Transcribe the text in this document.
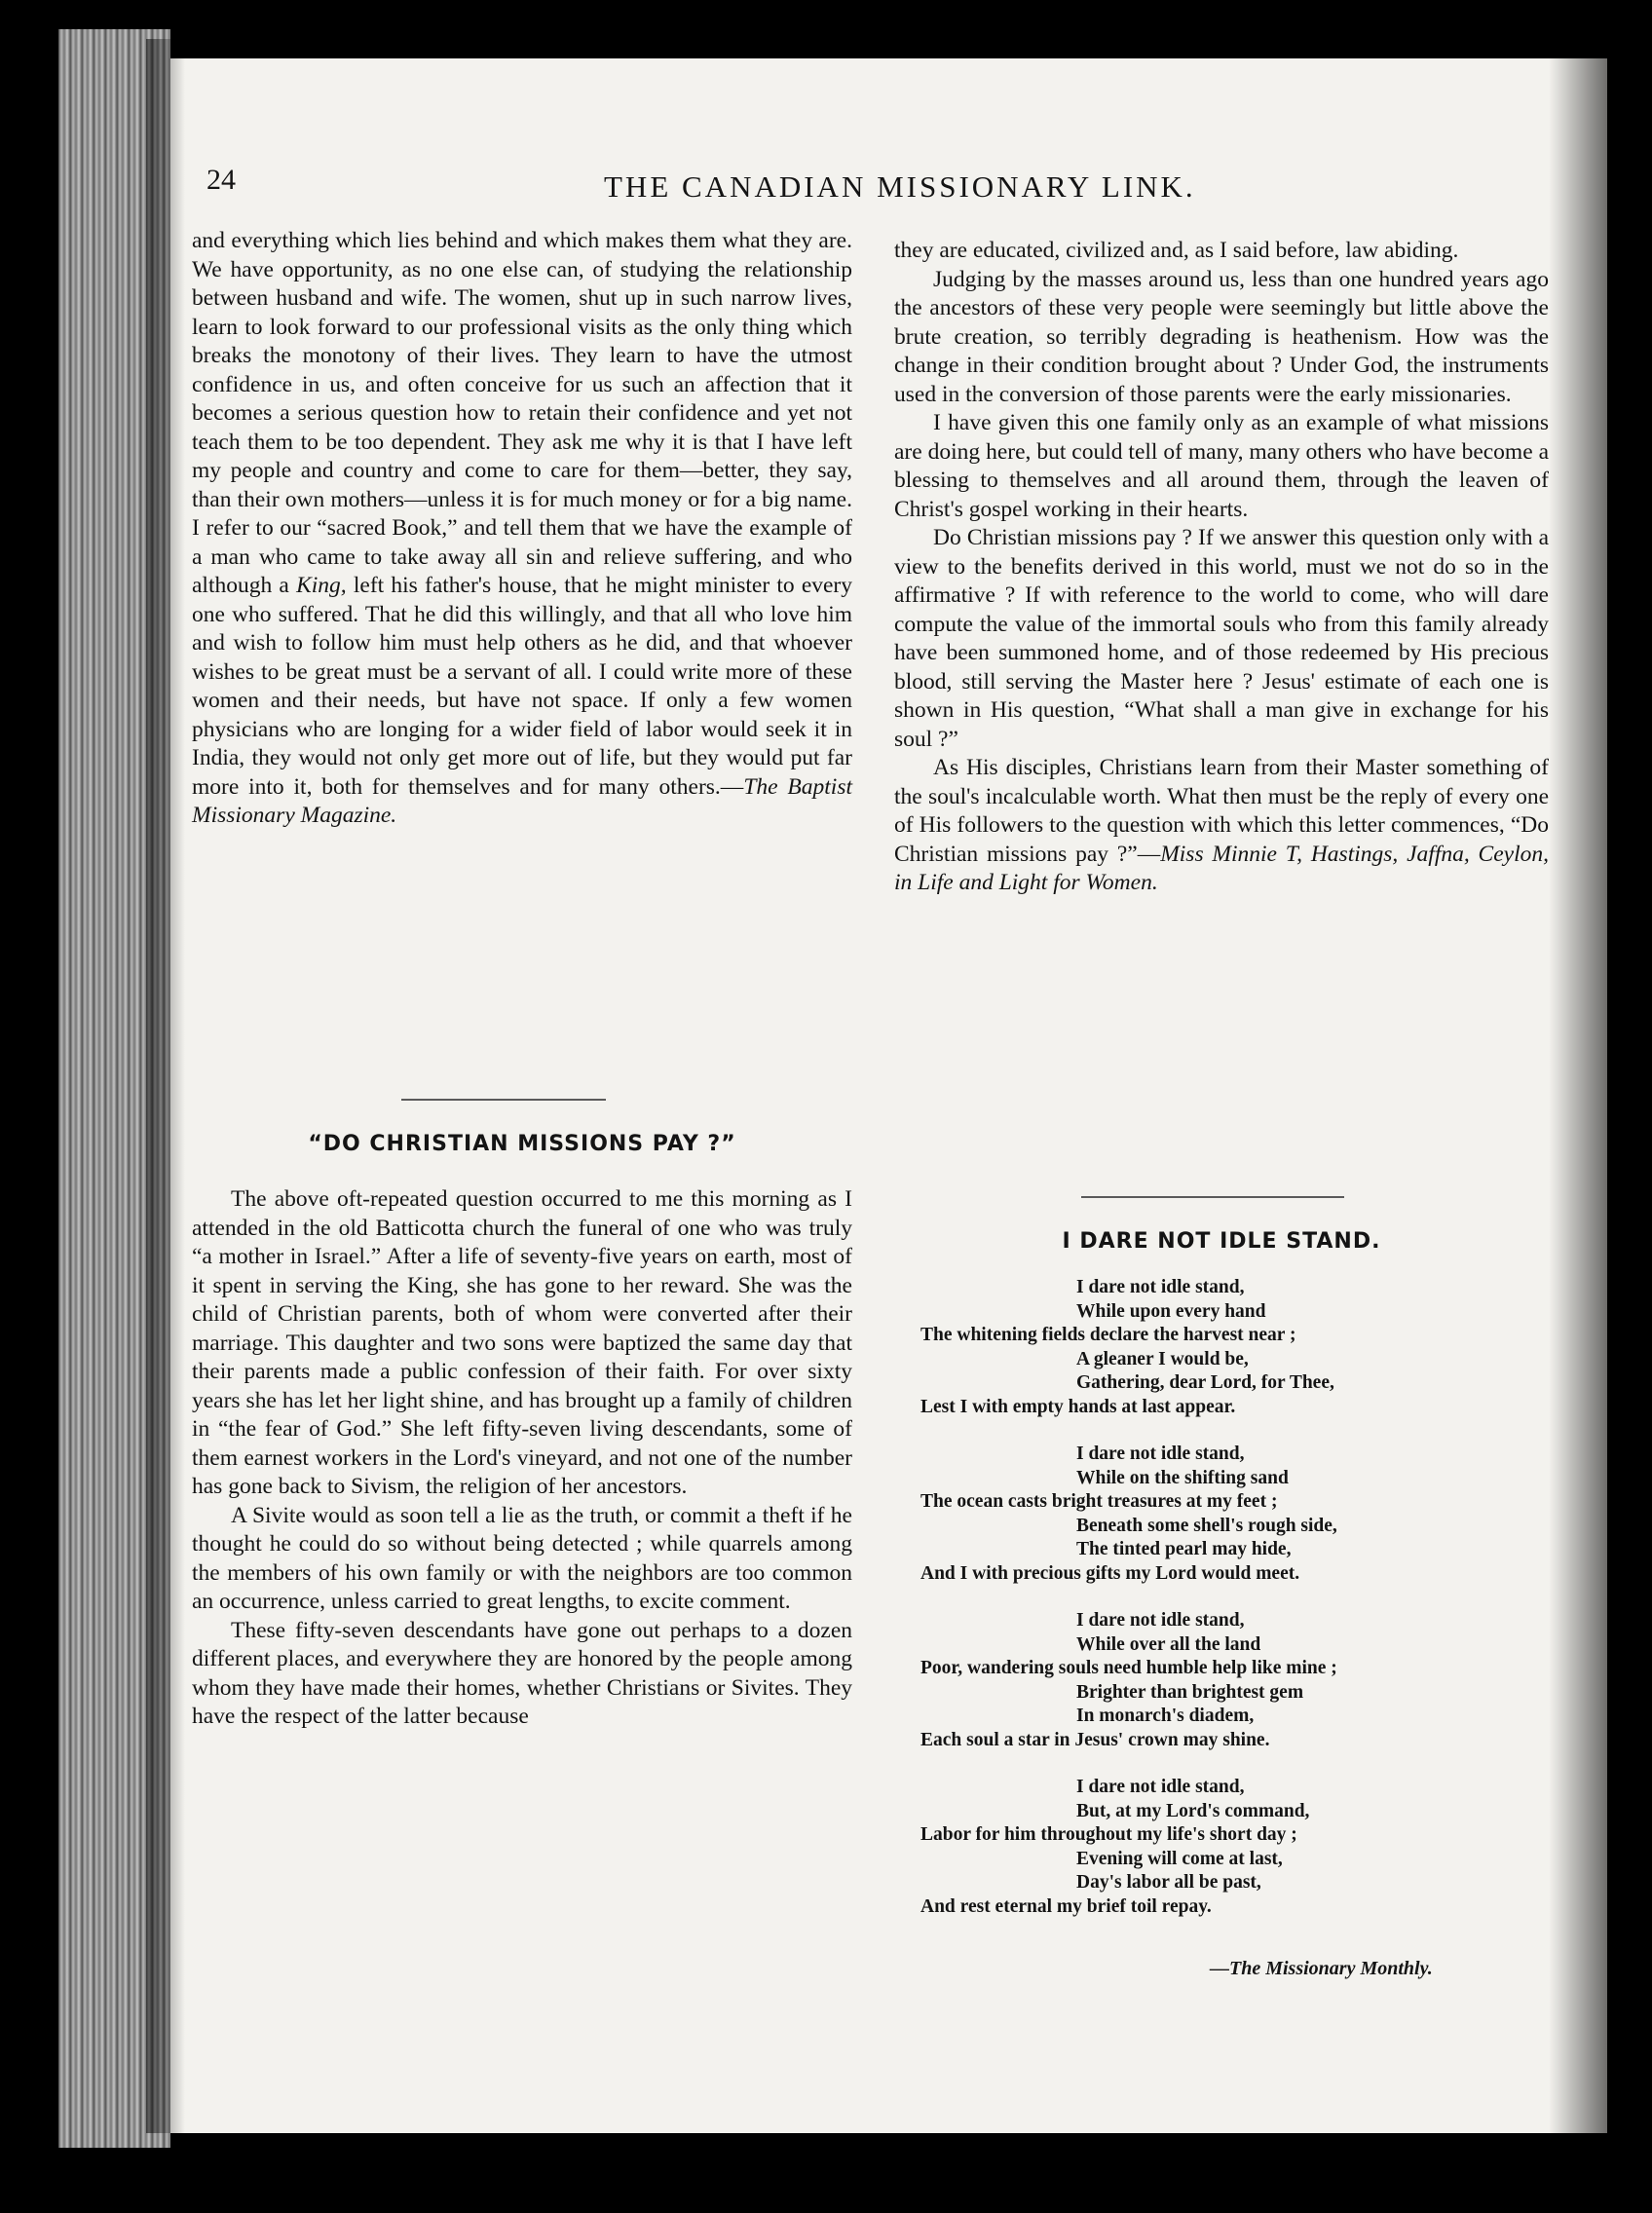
24	THE CANADIAN MISSIONARY LINK.

and everything which lies behind and which makes them what they are. We have opportunity, as no one else can, of studying the relationship between husband and wife. The women, shut up in such narrow lives, learn to look forward to our professional visits as the only thing which breaks the monotony of their lives. They learn to have the utmost confidence in us, and often conceive for us such an affection that it becomes a serious question how to retain their confidence and yet not teach them to be too dependent. They ask me why it is that I have left my people and country and come to care for them—better, they say, than their own mothers—unless it is for much money or for a big name. I refer to our “sacred Book,” and tell them that we have the example of a man who came to take away all sin and relieve suffering, and who although a King, left his father's house, that he might minister to every one who suffered. That he did this willingly, and that all who love him and wish to follow him must help others as he did, and that whoever wishes to be great must be a servant of all. I could write more of these women and their needs, but have not space. If only a few women physicians who are longing for a wider field of labor would seek it in India, they would not only get more out of life, but they would put far more into it, both for themselves and for many others.—The Baptist Missionary Magazine.

“DO CHRISTIAN MISSIONS PAY ?”

The above oft-repeated question occurred to me this morning as I attended in the old Batticotta church the funeral of one who was truly “a mother in Israel.” After a life of seventy-five years on earth, most of it spent in serving the King, she has gone to her reward. She was the child of Christian parents, both of whom were converted after their marriage. This daughter and two sons were baptized the same day that their parents made a public confession of their faith. For over sixty years she has let her light shine, and has brought up a family of children in “the fear of God.” She left fifty-seven living descendants, some of them earnest workers in the Lord's vineyard, and not one of the number has gone back to Sivism, the religion of her ancestors.

A Sivite would as soon tell a lie as the truth, or commit a theft if he thought he could do so without being detected ; while quarrels among the members of his own family or with the neighbors are too common an occurrence, unless carried to great lengths, to excite comment.

These fifty-seven descendants have gone out perhaps to a dozen different places, and everywhere they are honored by the people among whom they have made their homes, whether Christians or Sivites. They have the respect of the latter because

they are educated, civilized and, as I said before, law abiding.

Judging by the masses around us, less than one hundred years ago the ancestors of these very people were seemingly but little above the brute creation, so terribly degrading is heathenism. How was the change in their condition brought about ? Under God, the instruments used in the conversion of those parents were the early missionaries.

I have given this one family only as an example of what missions are doing here, but could tell of many, many others who have become a blessing to themselves and all around them, through the leaven of Christ's gospel working in their hearts.

Do Christian missions pay ? If we answer this question only with a view to the benefits derived in this world, must we not do so in the affirmative ? If with reference to the world to come, who will dare compute the value of the immortal souls who from this family already have been summoned home, and of those redeemed by His precious blood, still serving the Master here ? Jesus' estimate of each one is shown in His question, “What shall a man give in exchange for his soul ?”

As His disciples, Christians learn from their Master something of the soul's incalculable worth. What then must be the reply of every one of His followers to the question with which this letter commences, “Do Christian missions pay ?”—Miss Minnie T, Hastings, Jaffna, Ceylon, in Life and Light for Women.

I DARE NOT IDLE STAND.
I dare not idle stand,
While upon every hand
The whitening fields declare the harvest near ;
A gleaner I would be,
Gathering, dear Lord, for Thee,
Lest I with empty hands at last appear.
I dare not idle stand,
While on the shifting sand
The ocean casts bright treasures at my feet ;
Beneath some shell's rough side,
The tinted pearl may hide,
And I with precious gifts my Lord would meet.
I dare not idle stand,
While over all the land
Poor, wandering souls need humble help like mine ;
Brighter than brightest gem
In monarch's diadem,
Each soul a star in Jesus' crown may shine.
I dare not idle stand,
But, at my Lord's command,
Labor for him throughout my life's short day ;
Evening will come at last,
Day's labor all be past,
And rest eternal my brief toil repay.
—The Missionary Monthly.
